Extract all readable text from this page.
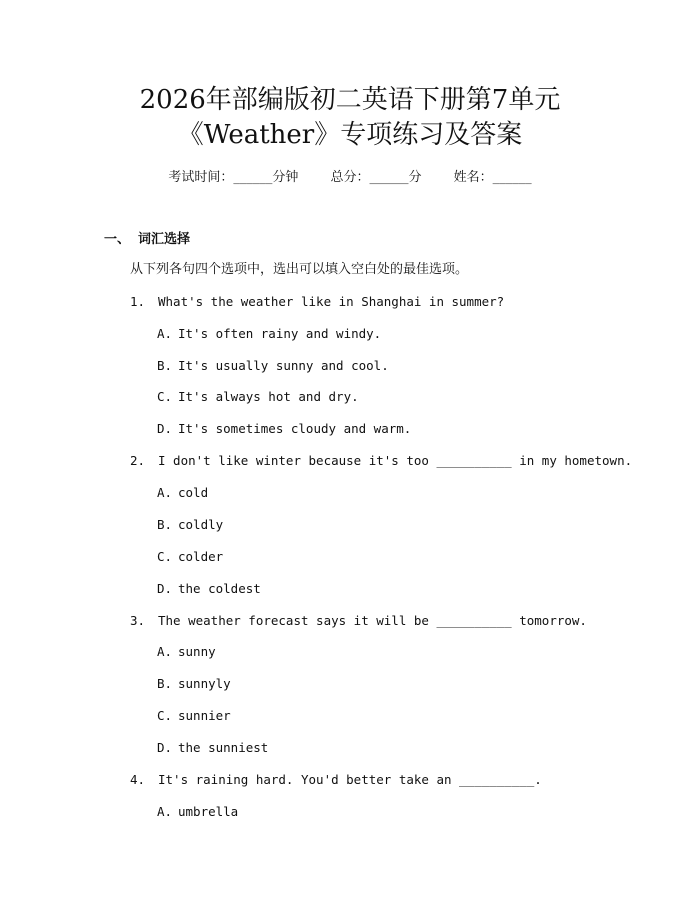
2026年部编版初二英语下册第7单元
《Weather》专项练习及答案
考试时间：______分钟 总分：______分 姓名：______
一、 词汇选择
从下列各句四个选项中，选出可以填入空白处的最佳选项。
1. What's the weather like in Shanghai in summer?
A. It's often rainy and windy.
B. It's usually sunny and cool.
C. It's always hot and dry.
D. It's sometimes cloudy and warm.
2. I don't like winter because it's too __________ in my hometown.
A. cold
B. coldly
C. colder
D. the coldest
3. The weather forecast says it will be __________ tomorrow.
A. sunny
B. sunnyly
C. sunnier
D. the sunniest
4. It's raining hard. You'd better take an __________.
A. umbrella
